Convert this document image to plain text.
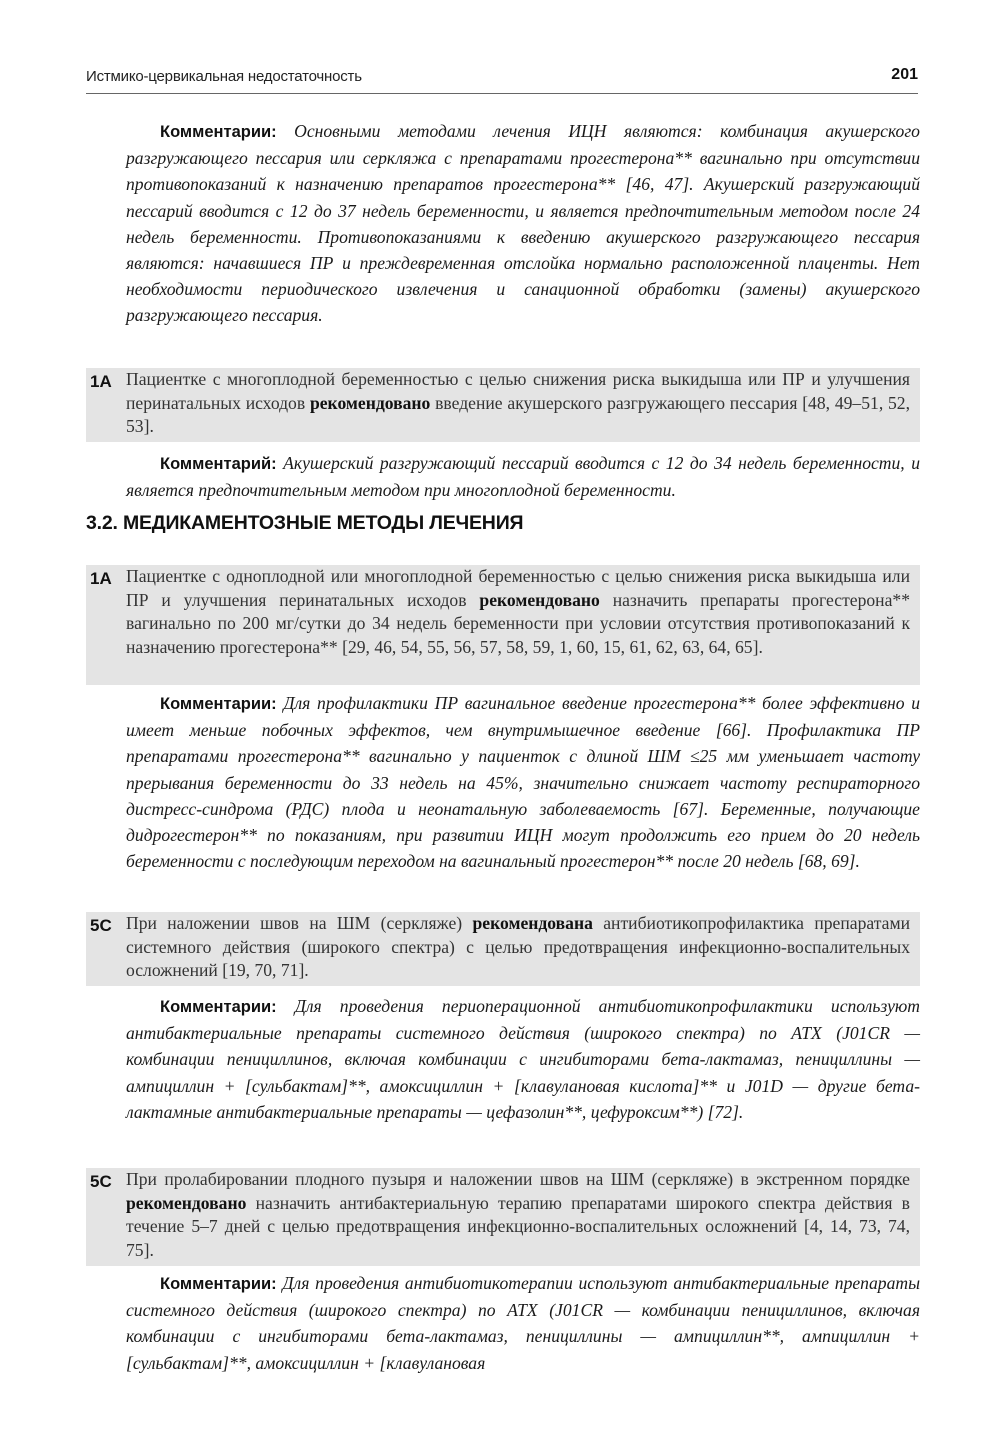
Истмико-цервикальная недостаточность	201

Комментарии: Основными методами лечения ИЦН являются: комбинация акушерского разгружающего пессария или серкляжа с препаратами прогестерона** вагинально при отсутствии противопоказаний к назначению препаратов прогестерона** [46, 47]. Акушерский разгружающий пессарий вводится с 12 до 37 недель беременности, и является предпочтительным методом после 24 недель беременности. Противопоказаниями к введению акушерского разгружающего пессария являются: начавшиеся ПР и преждевременная отслойка нормально расположенной плаценты. Нет необходимости периодического извлечения и санационной обработки (замены) акушерского разгружающего пессария.

1А Пациентке с многоплодной беременностью с целью снижения риска выкидыша или ПР и улучшения перинатальных исходов рекомендовано введение акушерского разгружающего пессария [48, 49–51, 52, 53].

Комментарий: Акушерский разгружающий пессарий вводится с 12 до 34 недель беременности, и является предпочтительным методом при многоплодной беременности.

3.2. МЕДИКАМЕНТОЗНЫЕ МЕТОДЫ ЛЕЧЕНИЯ
1А Пациентке с одноплодной или многоплодной беременностью с целью снижения риска выкидыша или ПР и улучшения перинатальных исходов рекомендовано назначить препараты прогестерона** вагинально по 200 мг/сутки до 34 недель беременности при условии отсутствия противопоказаний к назначению прогестерона** [29, 46, 54, 55, 56, 57, 58, 59, 1, 60, 15, 61, 62, 63, 64, 65].

Комментарии: Для профилактики ПР вагинальное введение прогестерона** более эффективно и имеет меньше побочных эффектов, чем внутримышечное введение [66]. Профилактика ПР препаратами прогестерона** вагинально у пациенток с длиной ШМ ≤25 мм уменьшает частоту прерывания беременности до 33 недель на 45%, значительно снижает частоту респираторного дистресс-синдрома (РДС) плода и неонатальную заболеваемость [67]. Беременные, получающие дидрогестерон** по показаниям, при развитии ИЦН могут продолжить его прием до 20 недель беременности с последующим переходом на вагинальный прогестерон** после 20 недель [68, 69].

5С При наложении швов на ШМ (серкляже) рекомендована антибиотикопрофилактика препаратами системного действия (широкого спектра) с целью предотвращения инфекционно-воспалительных осложнений [19, 70, 71].

Комментарии: Для проведения периоперационной антибиотикопрофилактики используют антибактериальные препараты системного действия (широкого спектра) по АТХ (J01CR — комбинации пенициллинов, включая комбинации с ингибиторами бета-лактамаз, пенициллины — ампициллин + [сульбактам]**, амоксициллин + [клавулановая кислота]** и J01D — другие бета-лактамные антибактериальные препараты — цефазолин**, цефуроксим**) [72].

5С При пролабировании плодного пузыря и наложении швов на ШМ (серкляже) в экстренном порядке рекомендовано назначить антибактериальную терапию препаратами широкого спектра действия в течение 5–7 дней с целью предотвращения инфекционно-воспалительных осложнений [4, 14, 73, 74, 75].

Комментарии: Для проведения антибиотикотерапии используют антибактериальные препараты системного действия (широкого спектра) по АТХ (J01CR — комбинации пенициллинов, включая комбинации с ингибиторами бета-лактамаз, пенициллины — ампициллин**, ампициллин + [сульбактам]**, амоксициллин + [клавулановая
